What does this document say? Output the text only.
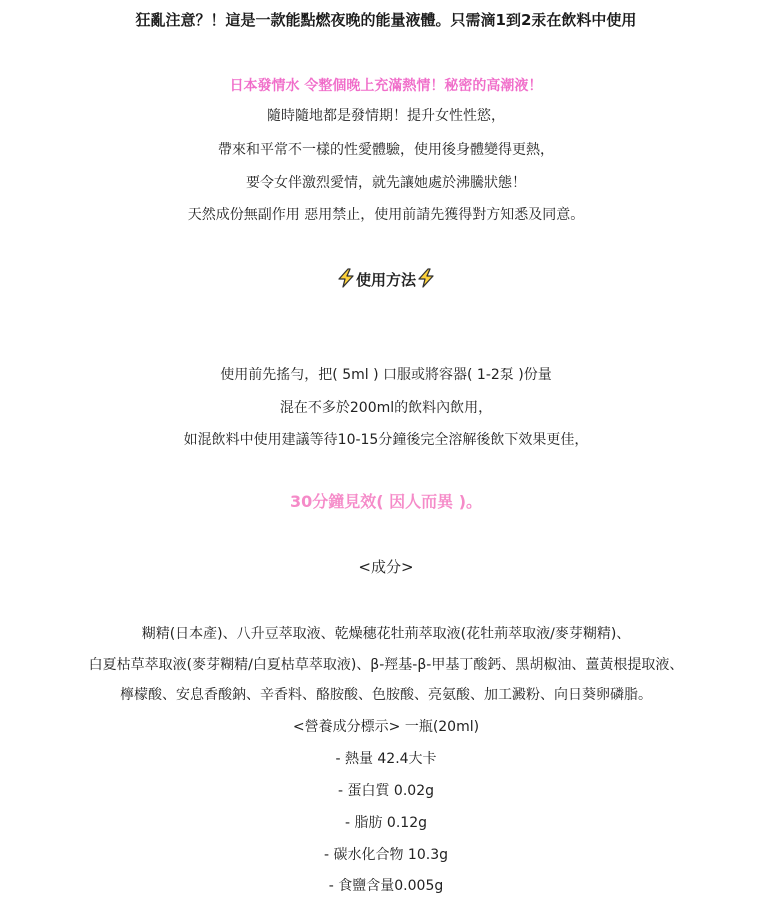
狂亂注意？！這是一款能點燃夜晚的能量液體。只需滴1到2汞在飲料中使用
日本發情水 令整個晚上充滿熱情！秘密的高潮液！
隨時隨地都是發情期！提升女性性慾，
帶來和平常不一樣的性愛體驗，使用後身體變得更熱，
要令女伴激烈愛情，就先讓她處於沸騰狀態！
天然成份無副作用 惡用禁止，使用前請先獲得對方知悉及同意。
使用方法
使用前先搖勻，把( 5ml ) 口服或將容器( 1-2泵 )份量
混在不多於200ml的飲料內飲用，
如混飲料中使用建議等待10-15分鐘後完全溶解後飲下效果更佳，
30分鐘見效( 因人而異 )。
<成分>
糊精(日本產)、八升豆萃取液、乾燥穗花牡荊萃取液(花牡荊萃取液/麥芽糊精)、
白夏枯草萃取液(麥芽糊精/白夏枯草萃取液)、β-羥基-β-甲基丁酸鈣、黑胡椒油、薑黃根提取液、
檸檬酸、安息香酸鈉、辛香料、酪胺酸、色胺酸、亮氨酸、加工澱粉、向日葵卵磷脂。
<營養成分標示> 一瓶(20ml)
- 熱量 42.4大卡
- 蛋白質 0.02g
- 脂肪 0.12g
- 碳水化合物 10.3g
- 食鹽含量0.005g
